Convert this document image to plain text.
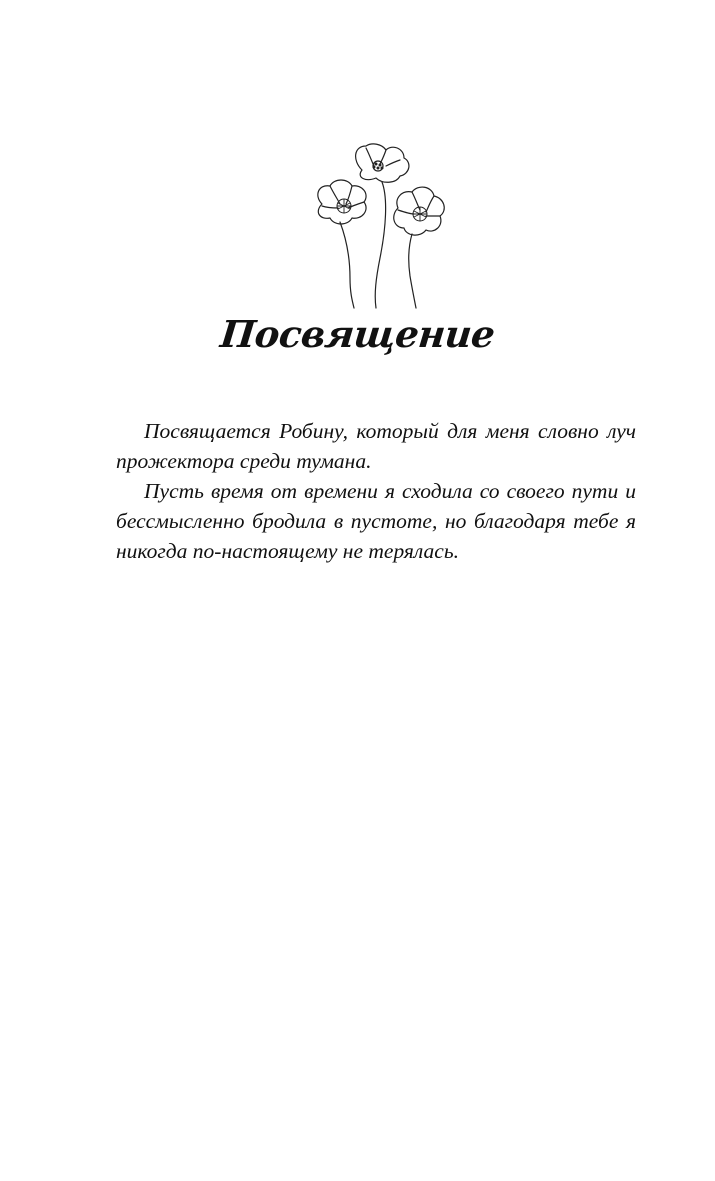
Посвящение

Посвящается Робину, который для меня словно луч прожектора среди тумана.

Пусть время от времени я сходила со своего пути и бессмысленно бродила в пустоте, но благодаря тебе я никогда по-настоящему не терялась.
